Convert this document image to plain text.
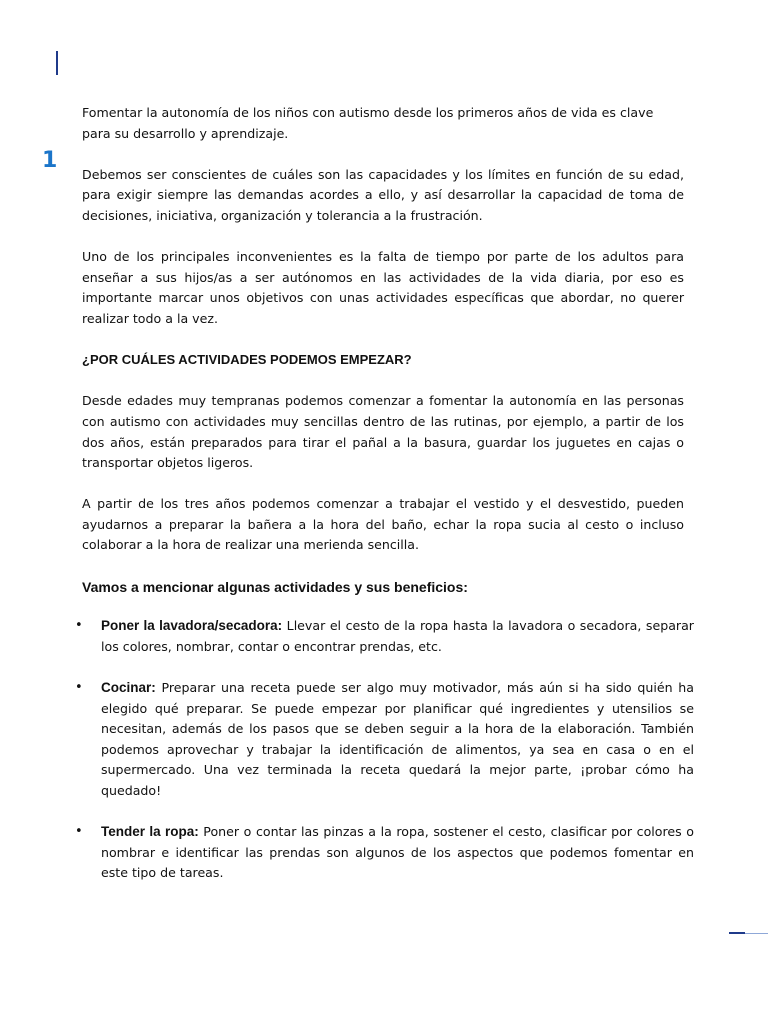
1

Fomentar la autonomía de los niños con autismo desde los primeros años de vida es clave para su desarrollo y aprendizaje.

Debemos ser conscientes de cuáles son las capacidades y los límites en función de su edad, para exigir siempre las demandas acordes a ello, y así desarrollar la capacidad de toma de decisiones, iniciativa, organización y tolerancia a la frustración.

Uno de los principales inconvenientes es la falta de tiempo por parte de los adultos para enseñar a sus hijos/as a ser autónomos en las actividades de la vida diaria, por eso es importante marcar unos objetivos con unas actividades específicas que abordar, no querer realizar todo a la vez.

¿POR CUÁLES ACTIVIDADES PODEMOS EMPEZAR?

Desde edades muy tempranas podemos comenzar a fomentar la autonomía en las personas con autismo con actividades muy sencillas dentro de las rutinas, por ejemplo, a partir de los dos años, están preparados para tirar el pañal a la basura, guardar los juguetes en cajas o transportar objetos ligeros.

A partir de los tres años podemos comenzar a trabajar el vestido y el desvestido, pueden ayudarnos a preparar la bañera a la hora del baño, echar la ropa sucia al cesto o incluso colaborar a la hora de realizar una merienda sencilla.

Vamos a mencionar algunas actividades y sus beneficios:
• Poner la lavadora/secadora: Llevar el cesto de la ropa hasta la lavadora o secadora, separar los colores, nombrar, contar o encontrar prendas, etc.
• Cocinar: Preparar una receta puede ser algo muy motivador, más aún si ha sido quién ha elegido qué preparar. Se puede empezar por planificar qué ingredientes y utensilios se necesitan, además de los pasos que se deben seguir a la hora de la elaboración. También podemos aprovechar y trabajar la identificación de alimentos, ya sea en casa o en el supermercado. Una vez terminada la receta quedará la mejor parte, ¡probar cómo ha quedado!
• Tender la ropa: Poner o contar las pinzas a la ropa, sostener el cesto, clasificar por colores o nombrar e identificar las prendas son algunos de los aspectos que podemos fomentar en este tipo de tareas.
